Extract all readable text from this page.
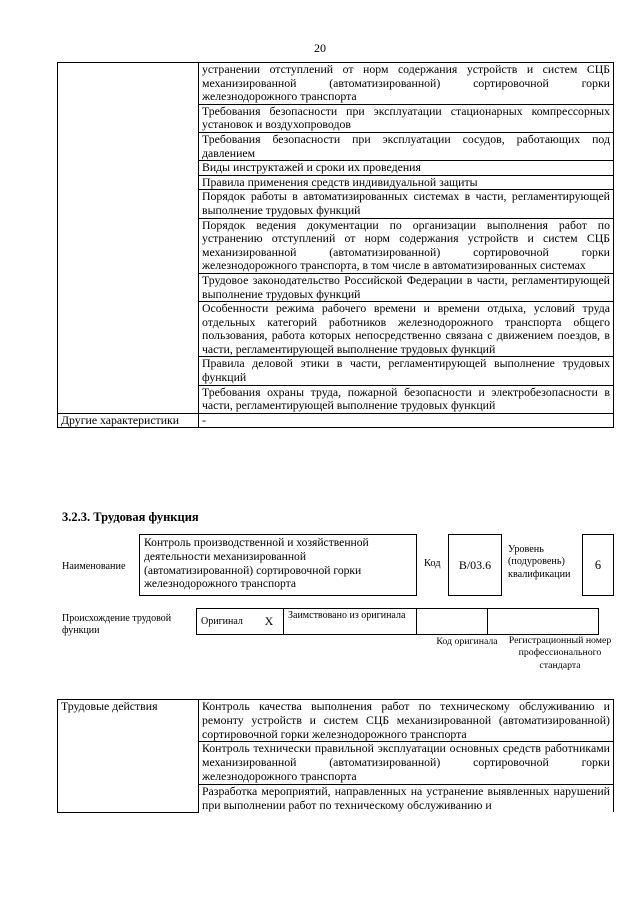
20
	устранении отступлений от норм содержания устройств и систем СЦБ механизированной (автоматизированной) сортировочной горки железнодорожного транспорта
	Требования безопасности при эксплуатации стационарных компрессорных установок и воздухопроводов
	Требования безопасности при эксплуатации сосудов, работающих под давлением
	Виды инструктажей и сроки их проведения
	Правила применения средств индивидуальной защиты
	Порядок работы в автоматизированных системах в части, регламентирующей выполнение трудовых функций
	Порядок ведения документации по организации выполнения работ по устранению отступлений от норм содержания устройств и систем СЦБ механизированной (автоматизированной) сортировочной горки железнодорожного транспорта, в том числе в автоматизированных системах
	Трудовое законодательство Российской Федерации в части, регламентирующей выполнение трудовых функций
	Особенности режима рабочего времени и времени отдыха, условий труда отдельных категорий работников железнодорожного транспорта общего пользования, работа которых непосредственно связана с движением поездов, в части, регламентирующей выполнение трудовых функций
	Правила деловой этики в части, регламентирующей выполнение трудовых функций
	Требования охраны труда, пожарной безопасности и электробезопасности в части, регламентирующей выполнение трудовых функций
Другие характеристики	-
3.2.3. Трудовая функция
Наименование
Контроль производственной и хозяйственной деятельности механизированной (автоматизированной) сортировочной горки железнодорожного транспорта
Код B/03.6
Уровень
(подуровень)
квалификации
6
Происхождение трудовой функции
Оригинал	X	Заимствовано из оригинала		
Код оригинала	Регистрационный номер профессионального стандарта
Трудовые действия	Контроль качества выполнения работ по техническому обслуживанию и ремонту устройств и систем СЦБ механизированной (автоматизированной) сортировочной горки железнодорожного транспорта
Контроль технически правильной эксплуатации основных средств работниками механизированной (автоматизированной) сортировочной горки железнодорожного транспорта
Разработка мероприятий, направленных на устранение выявленных нарушений при выполнении работ по техническому обслуживанию и
